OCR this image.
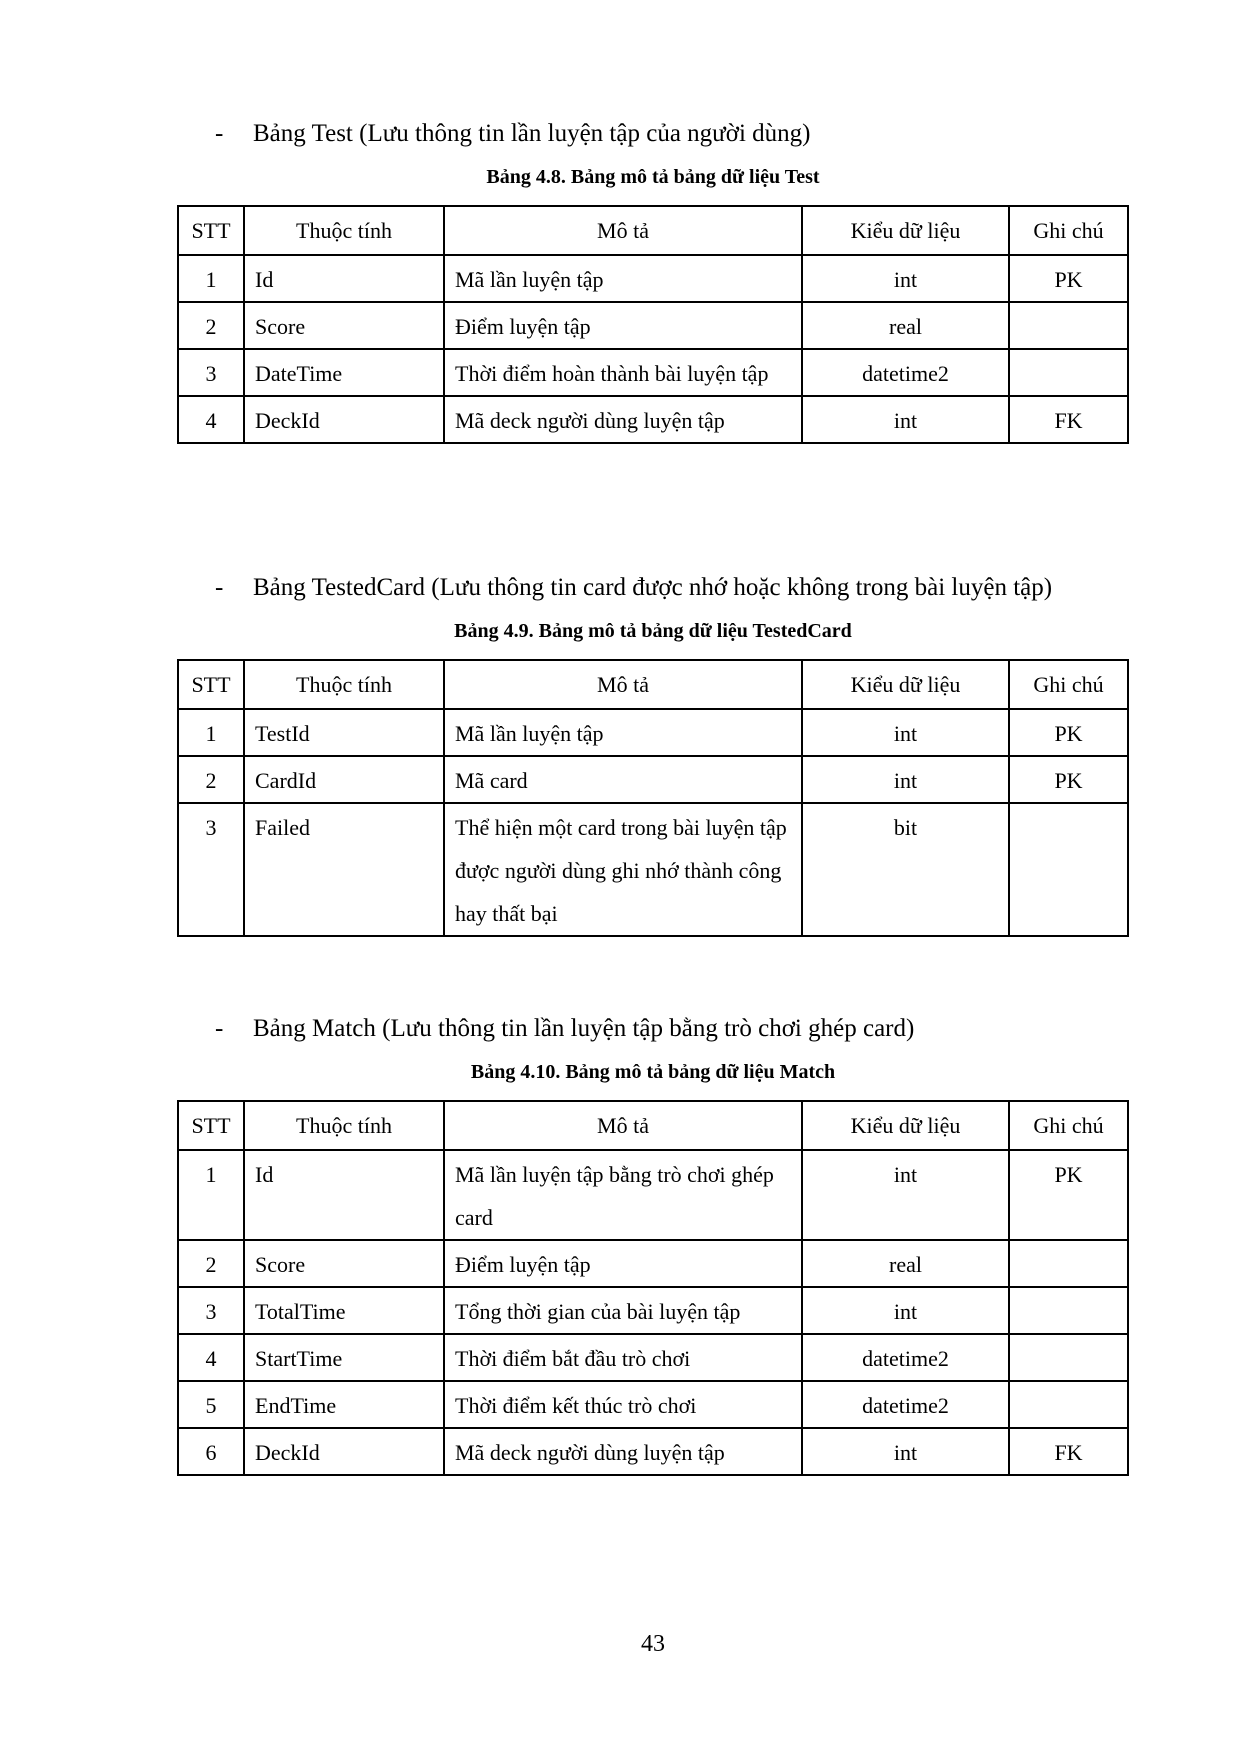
- Bảng Test (Lưu thông tin lần luyện tập của người dùng)
Bảng 4.8. Bảng mô tả bảng dữ liệu Test
STT	Thuộc tính	Mô tả	Kiểu dữ liệu	Ghi chú
1	Id	Mã lần luyện tập	int	PK
2	Score	Điểm luyện tập	real	
3	DateTime	Thời điểm hoàn thành bài luyện tập	datetime2	
4	DeckId	Mã deck người dùng luyện tập	int	FK
- Bảng TestedCard (Lưu thông tin card được nhớ hoặc không trong bài luyện tập)
Bảng 4.9. Bảng mô tả bảng dữ liệu TestedCard
STT	Thuộc tính	Mô tả	Kiểu dữ liệu	Ghi chú
1	TestId	Mã lần luyện tập	int	PK
2	CardId	Mã card	int	PK
3	Failed	Thể hiện một card trong bài luyện tập được người dùng ghi nhớ thành công hay thất bại	bit	
- Bảng Match (Lưu thông tin lần luyện tập bằng trò chơi ghép card)
Bảng 4.10. Bảng mô tả bảng dữ liệu Match
STT	Thuộc tính	Mô tả	Kiểu dữ liệu	Ghi chú
1	Id	Mã lần luyện tập bằng trò chơi ghép card	int	PK
2	Score	Điểm luyện tập	real	
3	TotalTime	Tổng thời gian của bài luyện tập	int	
4	StartTime	Thời điểm bắt đầu trò chơi	datetime2	
5	EndTime	Thời điểm kết thúc trò chơi	datetime2	
6	DeckId	Mã deck người dùng luyện tập	int	FK
43
